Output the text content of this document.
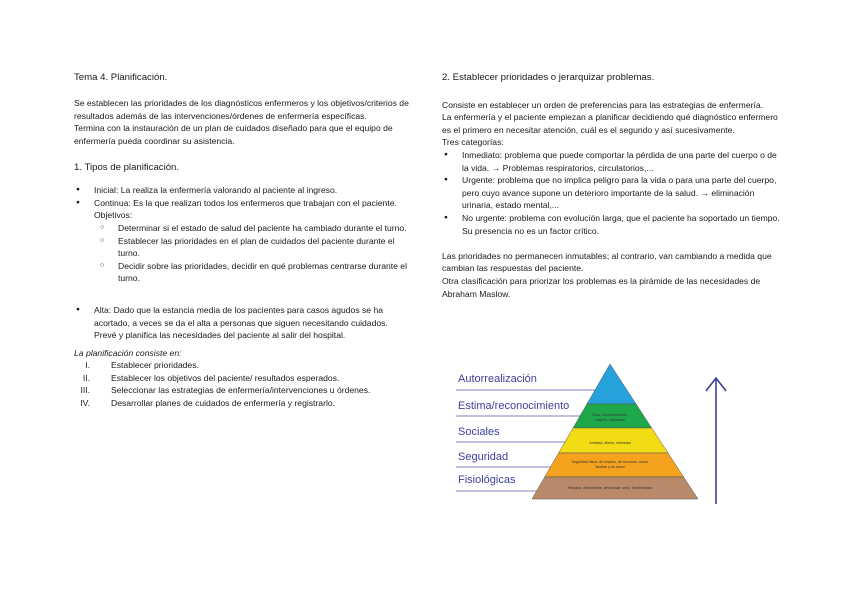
Tema 4. Planificación.

Se establecen las prioridades de los diagnósticos enfermeros y los objetivos/criterios de resultados además de las intervenciones/órdenes de enfermería específicas.

Termina con la instauración de un plan de cuidados diseñado para que el equipo de enfermería pueda coordinar su asistencia.

1. Tipos de planificación.

● Inicial: La realiza la enfermería valorando al paciente al ingreso.
● Continua: Es la que realizan todos los enfermeros que trabajan con el paciente. Objetivos:
○ Determinar si el estado de salud del paciente ha cambiado durante el turno.
○ Establecer las prioridades en el plan de cuidados del paciente durante el turno.
○ Decidir sobre las prioridades, decidir en qué problemas centrarse durante el turno.
● Alta: Dado que la estancia media de los pacientes para casos agudos se ha acortado, a veces se da el alta a personas que siguen necesitando cuidados. Prevé y planifica las necesidades del paciente al salir del hospital.

La planificación consiste en:

I. Establecer prioridades.
II. Establecer los objetivos del paciente/ resultados esperados.
III. Seleccionar las estrategias de enfermería/intervenciones u órdenes.
IV. Desarrollar planes de cuidados de enfermería y registrarlo.

2. Establecer prioridades o jerarquizar problemas.

Consiste en establecer un orden de preferencias para las estrategias de enfermería.

La enfermería y el paciente empiezan a planificar decidiendo qué diagnóstico enfermero es el primero en necesitar atención, cuál es el segundo y así sucesivamente.

Tres categorías:

● Inmediato: problema que puede comportar la pérdida de una parte del cuerpo o de la vida. → Problemas respiratorios, circulatorios,...
● Urgente: problema que no implica peligro para la vida o para una parte del cuerpo, pero cuyo avance supone un deterioro importante de la salud. → eliminación urinaria, estado mental,...
● No urgente: problema con evolución larga, que el paciente ha soportado un tiempo. Su presencia no es un factor crítico.

Las prioridades no permanecen inmutables; al contrario, van cambiando a medida que cambian las respuestas del paciente.

Otra clasificación para priorizar los problemas es la pirámide de las necesidades de Abraham Maslow.

Autorrealización
Estima/reconocimiento
Sociales
Seguridad
Fisiológicas
Éxito, reconocimiento,
respeto, confianza
Amistad, afecto, intimidad
Seguridad física, de empleo, de recursos, moral,
familiar y de salud
Respirar, alimentarse, descansar, sexo, homeostasis
